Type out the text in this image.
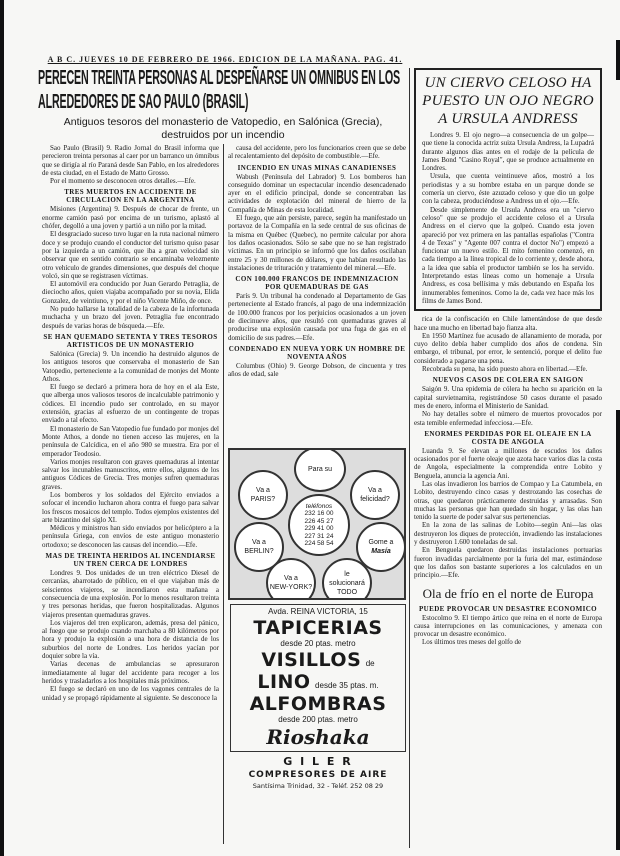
A B C. JUEVES 10 DE FEBRERO DE 1966. EDICION DE LA MAÑANA. PAG. 41.
PERECEN TREINTA PERSONAS AL DESPEÑARSE UN OMNIBUS EN LOS ALREDEDORES DE SAO PAULO (BRASIL)
Antiguos tesoros del monasterio de Vatopedio, en Salónica (Grecia), destruidos por un incendio

Sao Paulo (Brasil) 9. Radio Jornal do Brasil informa que perecieron treinta personas al caer por un barranco un ómnibus que se dirigía al río Paraná desde San Pablo, en los alrededores de esta ciudad, en el Estado de Matto Grosso.

Por el momento se desconocen otros detalles.—Efe.

TRES MUERTOS EN ACCIDENTE DE CIRCULACION EN LA ARGENTINA

Misiones (Argentina) 9. Después de chocar de frente, un enorme camión pasó por encima de un turismo, aplastó al chófer, degolló a una joven y partió a un niño por la mitad.

El desgraciado suceso tuvo lugar en la ruta nacional número doce y se produjo cuando el conductor del turismo quiso pasar por la izquierda a un camión, que iba a gran velocidad sin observar que en sentido contrario se encaminaba velozmente otro vehículo de grandes dimensiones, que después del choque volcó, sin que se registrasen víctimas.

El automóvil era conducido por Juan Gerardo Petraglia, de dieciocho años, quien viajaba acompañado por su novia, Elida Gonzalez, de veintiuno, y por el niño Vicente Miño, de once.

No pudo hallarse la totalidad de la cabeza de la infortunada muchacha y un brazo del joven. Petraglia fue encontrado después de varias horas de búsqueda.—Efe.

SE HAN QUEMADO SETENTA Y TRES TESOROS ARTISTICOS DE UN MONASTERIO

Salónica (Grecia) 9. Un incendio ha destruido algunos de los antiguos tesoros que conservaba el monasterio de San Vatopedio, perteneciente a la comunidad de monjes del Monte Athos.

El fuego se declaró a primera hora de hoy en el ala Este, que alberga unos valiosos tesoros de incalculable patrimonio y códices. El incendio pudo ser controlado, en su mayor extensión, gracias al esfuerzo de un contingente de tropas enviado a tal efecto.

El monasterio de San Vatopedio fue fundado por monjes del Monte Athos, a donde no tienen acceso las mujeres, en la península de Calcídica, en el año 980 se muestra. Era por el emperador Teodosio.

Varios monjes resultaron con graves quemaduras al intentar salvar los incunables manuscritos, entre ellos, algunos de los antiguos Códices de Grecia. Tres monjes sufren quemaduras graves.

Los bomberos y los soldados del Ejército enviados a sofocar el incendio lucharon ahora contra el fuego para salvar los frescos mosaicos del templo. Todos ejemplos existentes del arte bizantino del siglo XI.

Médicos y ministros han sido enviados por helicóptero a la península Griega, con envíos de este antiguo monasterio ortodoxo; se desconocen las causas del incendio.—Efe.

MAS DE TREINTA HERIDOS AL INCENDIARSE UN TREN CERCA DE LONDRES

Londres 9. Dos unidades de un tren eléctrico Diesel de cercanías, abarrotado de público, en el que viajaban más de seiscientos viajeros, se incendiaron esta mañana a consecuencia de una explosión. Por lo menos resultaron treinta y tres personas heridas, que fueron hospitalizadas. Algunos viajeros presentan quemaduras graves.

Los viajeros del tren explicaron, además, presa del pánico, al fuego que se produjo cuando marchaba a 80 kilómetros por hora y produjo la explosión a una hora de distancia de los suburbios del norte de Londres. Los heridos yacían por doquier sobre la vía.

Varias decenas de ambulancias se apresuraron inmediatamente al lugar del accidente para recoger a los heridos y trasladarlos a los hospitales más próximos.

El fuego se declaró en uno de los vagones centrales de la unidad y se propagó rápidamente al siguiente. Se desconoce la

causa del accidente, pero los funcionarios creen que se debe al recalentamiento del depósito de combustible.—Efe.

INCENDIO EN UNAS MINAS CANADIENSES

Wabush (Península del Labrador) 9. Los bomberos han conseguido dominar un espectacular incendio desencadenado ayer en el edificio principal, donde se concentraban las actividades de explotación del mineral de hierro de la Compañía de Minas de esta localidad.

El fuego, que aún persiste, parece, según ha manifestado un portavoz de la Compañía en la sede central de sus oficinas de la misma en Québec (Quebec), no permite calcular por ahora los daños ocasionados. Sólo se sabe que no se han registrado víctimas. En un principio se informó que los daños oscilaban entre 25 y 30 millones de dólares, y que habían resultado las instalaciones de trituración y tratamiento del mineral.—Efe.

CON 100.000 FRANCOS DE INDEMNIZACION POR QUEMADURAS DE GAS

París 9. Un tribunal ha condenado al Departamento de Gas perteneciente al Estado francés, al pago de una indemnización de 100.000 francos por los perjuicios ocasionados a un joven de diecinueve años, que resultó con quemaduras graves al producirse una explosión causada por una fuga de gas en el domicilio de sus padres.—Efe.

CONDENADO EN NUEVA YORK UN HOMBRE DE NOVENTA AÑOS

Columbus (Ohio) 9. George Dobson, de cincuenta y tres años de edad, sale

Para su
Va a
PARIS?
Va a
felicidad?
Va a
BERLIN?
Gome a
Masía
Va a
NEW-YORK?
le
solucionará
TODO
teléfonos
232 16 00
226 45 27
229 41 00
227 31 24
224 58 54
Avda. REINA VICTORIA, 15
TAPICERIAS
desde 20 ptas. metro
VISILLOS de
LINO desde 35 ptas. m.
ALFOMBRAS
desde 200 ptas. metro
Rioshaka
G I L E R
COMPRESORES DE AIRE
Santísima Trinidad, 32 - Teléf. 252 08 29
UN CIERVO CELOSO HA PUESTO UN OJO NEGRO A URSULA ANDRESS

Londres 9. El ojo negro—a consecuencia de un golpe—que tiene la conocida actriz suiza Ursula Andress, la Lupadrá durante algunos días antes en el rodaje de la película de James Bond "Casino Royal", que se produce actualmente en Londres.

Ursula, que cuenta veintinueve años, mostró a los periodistas y a su hombre estaba en un parque donde se comería un ciervo, éste azuzado celoso y que dio un golpe con la cabeza, produciéndose a Andress un el ojo.—Efe.

Desde simplemente de Ursula Andress era un "ciervo celoso" que se produjo el accidente celoso el a Ursula Andress en el ciervo que la golpeó. Cuando esta joven apareció por vez primera en las pantallas españolas ("Contra 4 de Texas" y "Agente 007 contra el doctor No") empezó a funcionar un nuevo estilo. El mito femenino comenzó, en cada tiempo a la línea tropical de lo corriente y, desde ahora, a la idea que sabía el productor también se los ha servido. Interpretando estas líneas como un homenaje a Ursula Andress, es cosa bellísima y más debutando en España los innumerables femeninos. Como la de, cada vez hace más los films de James Bond.

rica de la confiscación en Chile lamentándose de que desde hace una mucho en libertad bajo fianza alta.

En 1950 Martínez fue acusado de allanamiento de morada, por cuyo delito debía haber cumplido dos años de condena. Sin embargo, el tribunal, por error, le sentenció, porque el delito fue considerado a pagarse una pena.

Recobrada su pena, ha sido puesto ahora en libertad.—Efe.

NUEVOS CASOS DE COLERA EN SAIGON

Saigón 9. Una epidemia de cólera ha hecho su aparición en la capital survietnamita, registrándose 50 casos durante el pasado mes de enero, informa el Ministerio de Sanidad.

No hay detalles sobre el número de muertos provocados por esta temible enfermedad infecciosa.—Efe.

ENORMES PERDIDAS POR EL OLEAJE EN LA COSTA DE ANGOLA

Luanda 9. Se elevan a millones de escudos los daños ocasionados por el fuerte oleaje que azota hace varios días la costa de Angola, especialmente la comprendida entre Lobito y Benguela, anuncia la agencia Ani.

Las olas invadieron los barrios de Compao y La Catumbela, en Lobito, destruyendo cinco casas y destrozando las cosechas de otras, que quedaron prácticamente destruidas y arrasadas. Son muchas las personas que han quedado sin hogar, y las olas han tenido la suerte de poder salvar sus pertenencias.

En la zona de las salinas de Lobito—según Ani—las olas destruyeron los diques de protección, invadiendo las instalaciones y destruyeron 1.600 toneladas de sal.

En Benguela quedaron destruidas instalaciones portuarias fueron invadidas parcialmente por la furia del mar, estimándose que los daños son bastante superiores a los calculados en un principio.—Efe.

Ola de frío en el norte de Europa
PUEDE PROVOCAR UN DESASTRE ECONOMICO

Estocolmo 9. El tiempo ártico que reina en el norte de Europa causa interrupciones en las comunicaciones, y amenaza con provocar un desastre económico.

Los últimos tres meses del golfo de
